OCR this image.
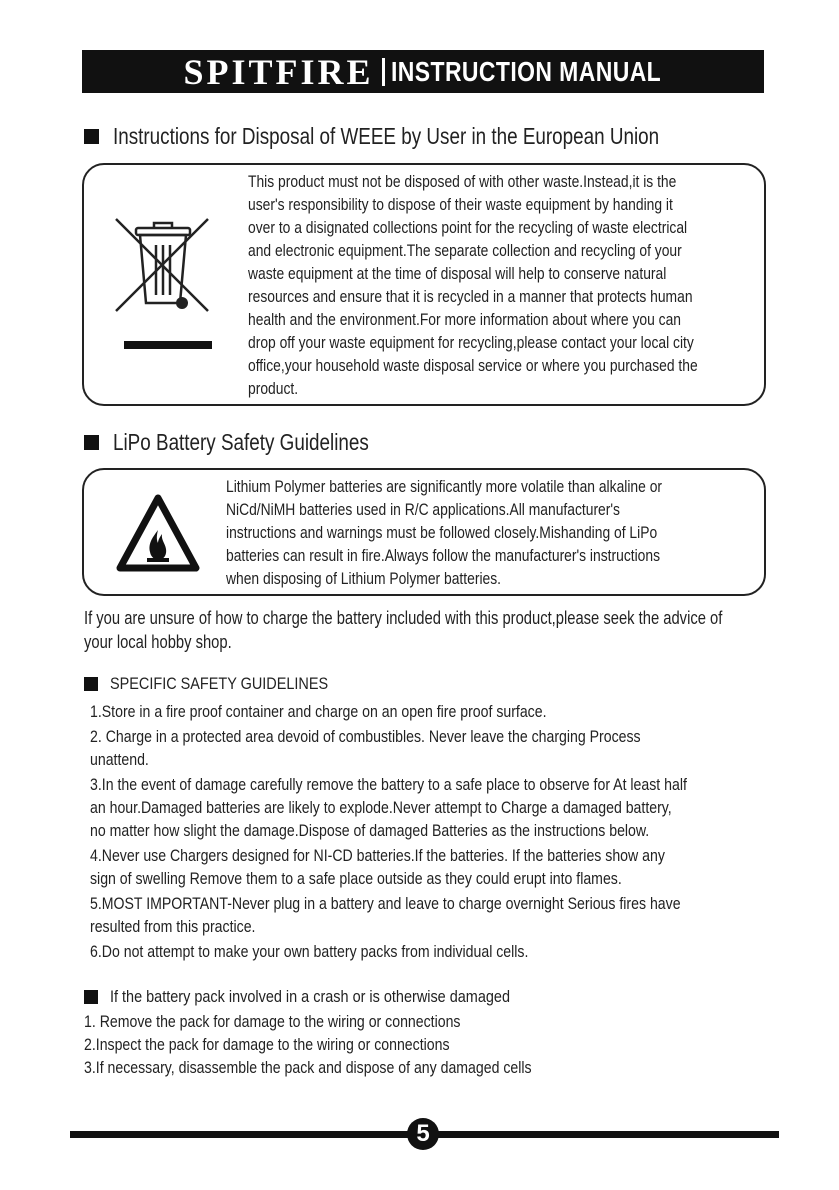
SPITFIRE INSTRUCTION MANUAL
Instructions for Disposal of WEEE by User in the European Union

This product must not be disposed of with other waste.Instead,it is the
user's responsibility to dispose of their waste equipment by handing it
over to a disignated collections point for the recycling of waste electrical
and electronic equipment.The separate collection and recycling of your
waste equipment at the time of disposal will help to conserve natural
resources and ensure that it is recycled in a manner that protects human
health and the environment.For more information about where you can
drop off your waste equipment for recycling,please contact your local city
office,your household waste disposal service or where you purchased the
product.

LiPo Battery Safety Guidelines

Lithium Polymer batteries are significantly more volatile than alkaline or
NiCd/NiMH batteries used in R/C applications.All manufacturer's
instructions and warnings must be followed closely.Mishanding of LiPo
batteries can result in fire.Always follow the manufacturer's instructions
when disposing of Lithium Polymer batteries.

If you are unsure of how to charge the battery included with this product,please seek the advice of
your local hobby shop.

SPECIFIC SAFETY GUIDELINES
1.Store in a fire proof container and charge on an open fire proof surface.
2. Charge in a protected area devoid of combustibles. Never leave the charging Process
unattend.
3.In the event of damage carefully remove the battery to a safe place to observe for At least half
an hour.Damaged batteries are likely to explode.Never attempt to Charge a damaged battery,
no matter how slight the damage.Dispose of damaged Batteries as the instructions below.
4.Never use Chargers designed for NI-CD batteries.If the batteries. If the batteries show any
sign of swelling Remove them to a safe place outside as they could erupt into flames.
5.MOST IMPORTANT-Never plug in a battery and leave to charge overnight Serious fires have
resulted from this practice.
6.Do not attempt to make your own battery packs from individual cells.
If the battery pack involved in a crash or is otherwise damaged
1. Remove the pack for damage to the wiring or connections
2.Inspect the pack for damage to the wiring or connections
3.If necessary, disassemble the pack and dispose of any damaged cells
5
